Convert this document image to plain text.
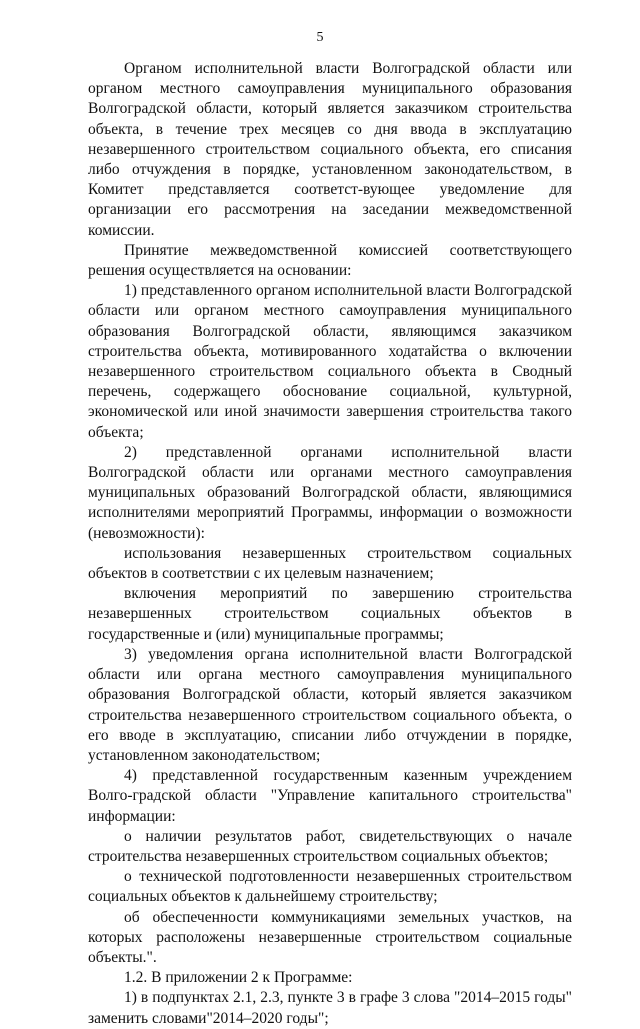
5

Органом исполнительной власти Волгоградской области или органом местного самоуправления муниципального образования Волгоградской области, который является заказчиком строительства объекта, в течение трех месяцев со дня ввода в эксплуатацию незавершенного строительством социального объекта, его списания либо отчуждения в порядке, установленном законодательством, в Комитет представляется соответст-вующее уведомление для организации его рассмотрения на заседании межведомственной комиссии.

Принятие межведомственной комиссией соответствующего решения осуществляется на основании:

1) представленного органом исполнительной власти Волгоградской области или органом местного самоуправления муниципального образования Волгоградской области, являющимся заказчиком строительства объекта, мотивированного ходатайства о включении незавершенного строительством социального объекта в Сводный перечень, содержащего обоснование социальной, культурной, экономической или иной значимости завершения строительства такого объекта;

2) представленной органами исполнительной власти Волгоградской области или органами местного самоуправления муниципальных образований Волгоградской области, являющимися исполнителями мероприятий Программы, информации о возможности (невозможности):

использования незавершенных строительством социальных объектов в соответствии с их целевым назначением;

включения мероприятий по завершению строительства незавершенных строительством социальных объектов в государственные и (или) муниципальные программы;

3) уведомления органа исполнительной власти Волгоградской области или органа местного самоуправления муниципального образования Волгоградской области, который является заказчиком строительства незавершенного строительством социального объекта, о его вводе в эксплуатацию, списании либо отчуждении в порядке, установленном законодательством;

4) представленной государственным казенным учреждением Волго-градской области "Управление капитального строительства" информации:

о наличии результатов работ, свидетельствующих о начале строительства незавершенных строительством социальных объектов;

о технической подготовленности незавершенных строительством социальных объектов к дальнейшему строительству;

об обеспеченности коммуникациями земельных участков, на которых расположены незавершенные строительством социальные объекты.".

1.2. В приложении 2 к Программе:

1) в подпунктах 2.1, 2.3, пункте 3 в графе 3 слова "2014–2015 годы" заменить словами"2014–2020 годы";
